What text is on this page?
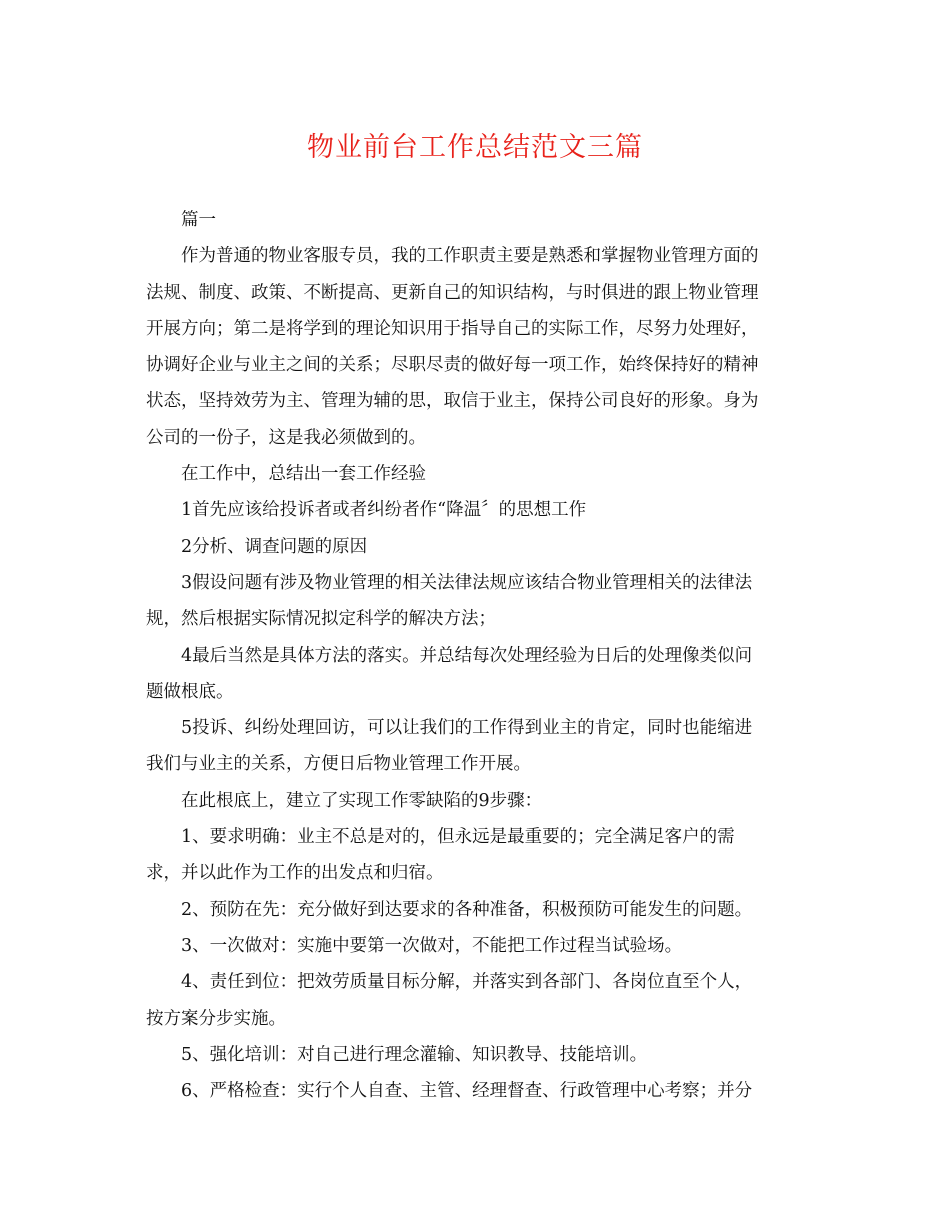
物业前台工作总结范文三篇

篇一

作为普通的物业客服专员，我的工作职责主要是熟悉和掌握物业管理方面的

法规、制度、政策、不断提高、更新自己的知识结构，与时俱进的跟上物业管理

开展方向；第二是将学到的理论知识用于指导自己的实际工作，尽努力处理好，

协调好企业与业主之间的关系；尽职尽责的做好每一项工作，始终保持好的精神

状态，坚持效劳为主、管理为辅的思，取信于业主，保持公司良好的形象。身为

公司的一份子，这是我必须做到的。

在工作中，总结出一套工作经验

1首先应该给投诉者或者纠纷者作“降温〞的思想工作

2分析、调查问题的原因

3假设问题有涉及物业管理的相关法律法规应该结合物业管理相关的法律法

规，然后根据实际情况拟定科学的解决方法；

4最后当然是具体方法的落实。并总结每次处理经验为日后的处理像类似问

题做根底。

5投诉、纠纷处理回访，可以让我们的工作得到业主的肯定，同时也能缩进

我们与业主的关系，方便日后物业管理工作开展。

在此根底上，建立了实现工作零缺陷的9步骤：

1、要求明确：业主不总是对的，但永远是最重要的；完全满足客户的需

求，并以此作为工作的出发点和归宿。

2、预防在先：充分做好到达要求的各种准备，积极预防可能发生的问题。

3、一次做对：实施中要第一次做对，不能把工作过程当试验场。

4、责任到位：把效劳质量目标分解，并落实到各部门、各岗位直至个人，

按方案分步实施。

5、强化培训：对自己进行理念灌输、知识教导、技能培训。

6、严格检查：实行个人自查、主管、经理督查、行政管理中心考察；并分
